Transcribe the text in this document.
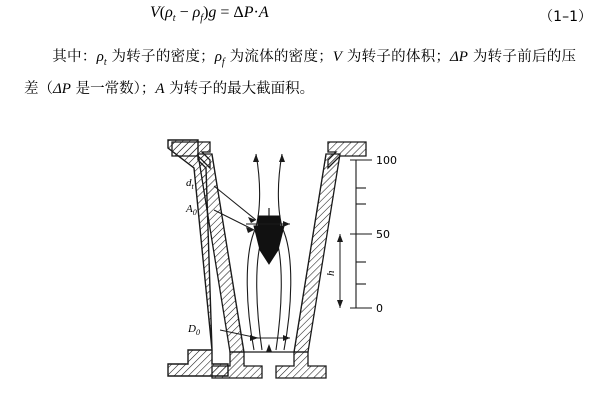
$V(\rho_t - \rho_f)g = \Delta P\cdot A$	（1–1）
其中：$\rho_t$ 为转子的密度；$\rho_f$ 为流体的密度；V 为转子的体积；ΔP 为转子前后的压差（ΔP 是一常数）；A 为转子的最大截面积。
100
50
0
h
$d_t$
$A_0$
$D_0$
